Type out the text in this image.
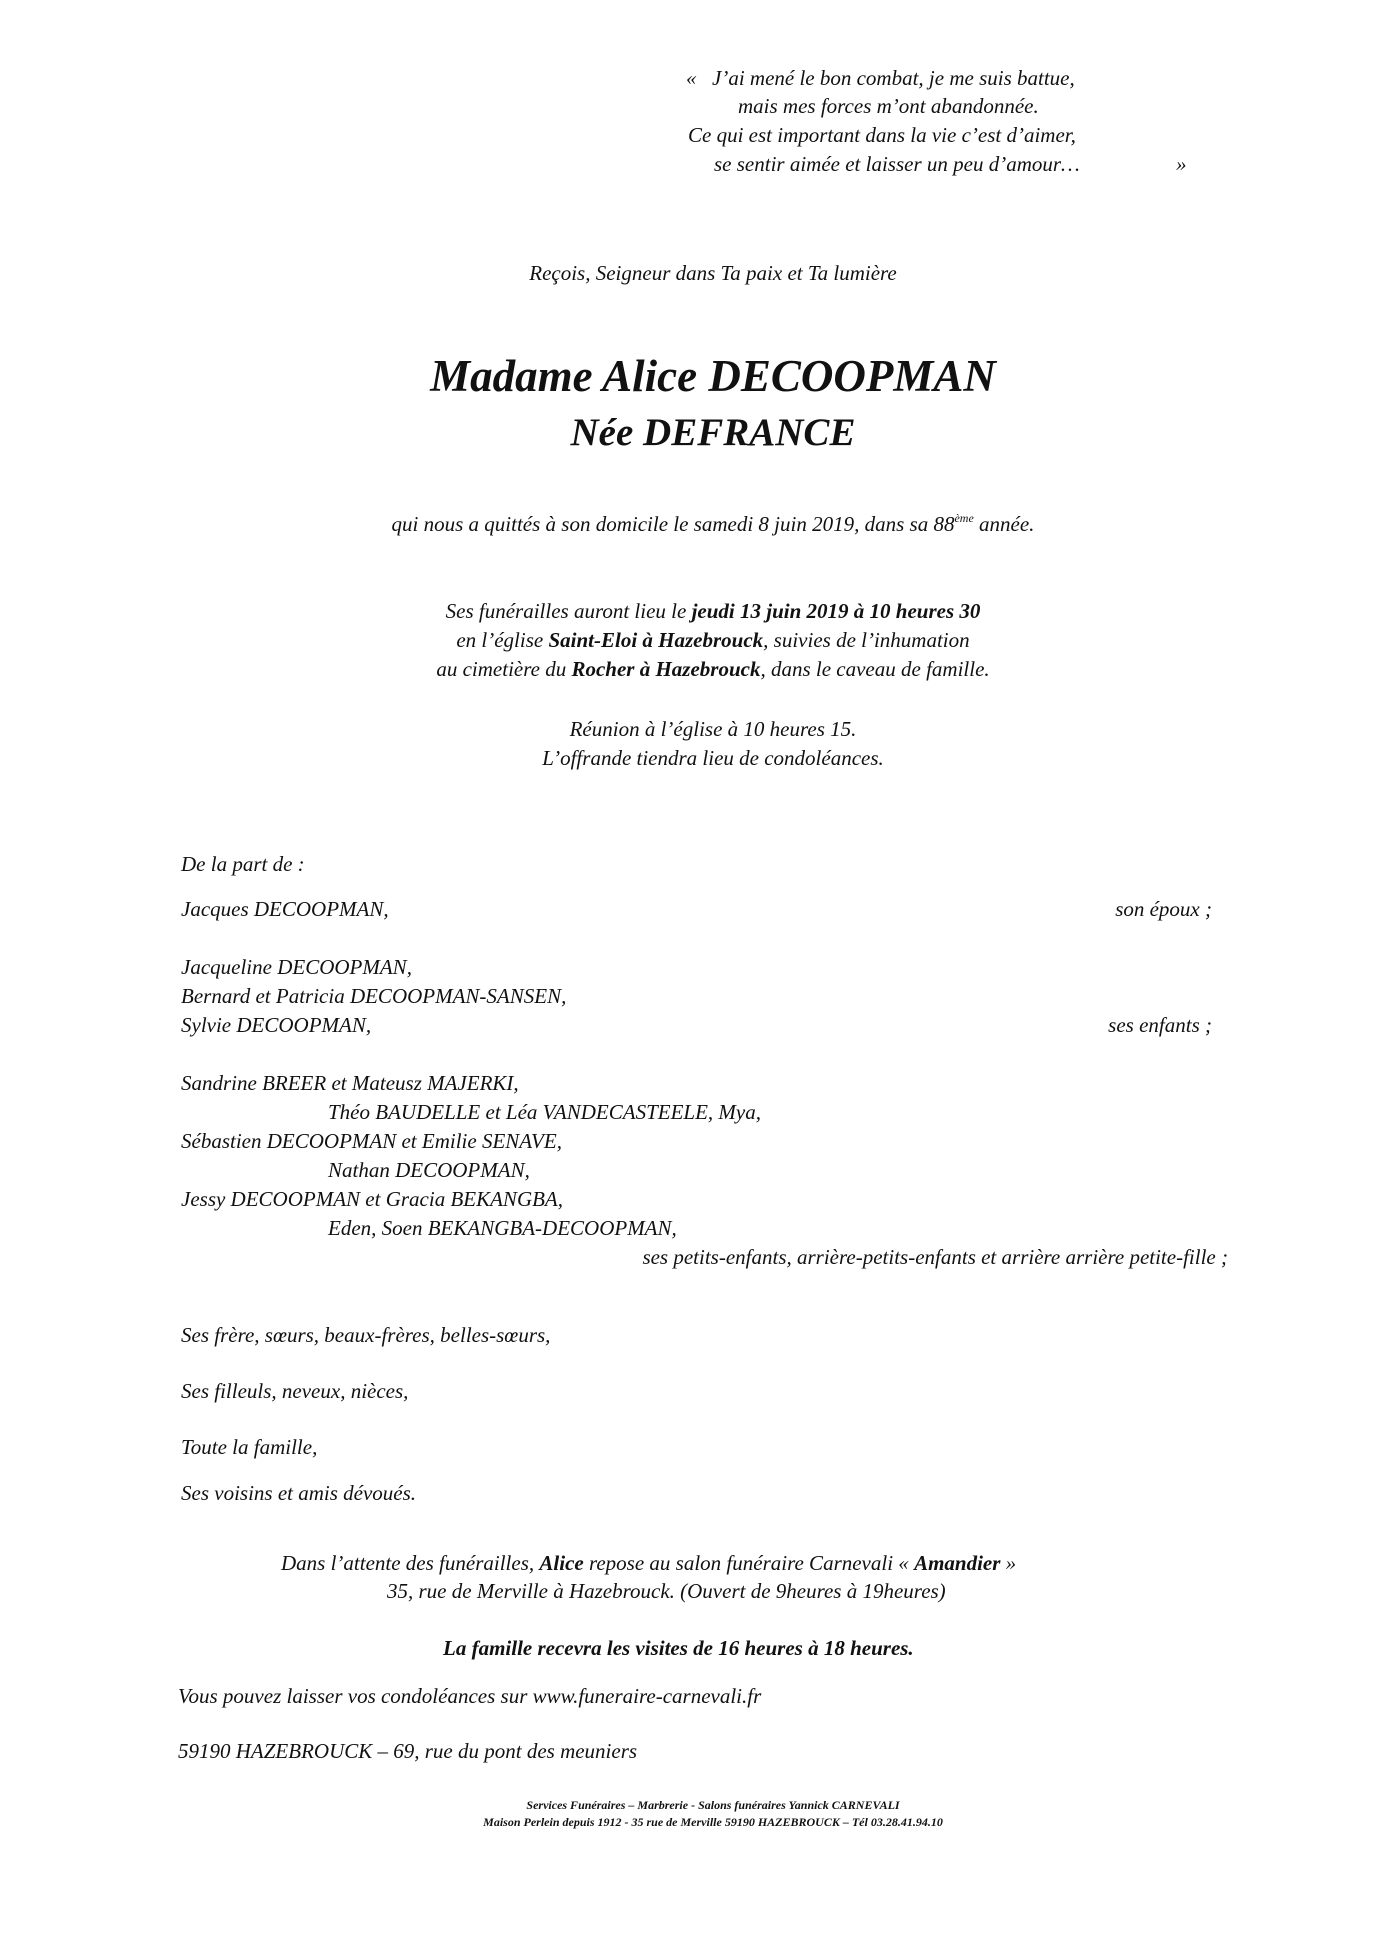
« J’ai mené le bon combat, je me suis battue,
mais mes forces m’ont abandonnée.
Ce qui est important dans la vie c’est d’aimer,
se sentir aimée et laisser un peu d’amour…	»
Reçois, Seigneur dans Ta paix et Ta lumière
Madame Alice DECOOPMAN
Née DEFRANCE
qui nous a quittés à son domicile le samedi 8 juin 2019, dans sa 88ème année.
Ses funérailles auront lieu le jeudi 13 juin 2019 à 10 heures 30
en l’église Saint-Eloi à Hazebrouck, suivies de l’inhumation
au cimetière du Rocher à Hazebrouck, dans le caveau de famille.
Réunion à l’église à 10 heures 15.
L’offrande tiendra lieu de condoléances.
De la part de :
Jacques DECOOPMAN,	son époux ;
Jacqueline DECOOPMAN,
Bernard et Patricia DECOOPMAN-SANSEN,
Sylvie DECOOPMAN,	ses enfants ;
Sandrine BREER et Mateusz MAJERKI,
Théo BAUDELLE et Léa VANDECASTEELE, Mya,
Sébastien DECOOPMAN et Emilie SENAVE,
Nathan DECOOPMAN,
Jessy DECOOPMAN et Gracia BEKANGBA,
Eden, Soen BEKANGBA-DECOOPMAN,
ses petits-enfants, arrière-petits-enfants et arrière arrière petite-fille ;
Ses frère, sœurs, beaux-frères, belles-sœurs,
Ses filleuls, neveux, nièces,
Toute la famille,
Ses voisins et amis dévoués.
Dans l’attente des funérailles, Alice repose au salon funéraire Carnevali « Amandier »
35, rue de Merville à Hazebrouck. (Ouvert de 9heures à 19heures)
La famille recevra les visites de 16 heures à 18 heures.
Vous pouvez laisser vos condoléances sur www.funeraire-carnevali.fr
59190 HAZEBROUCK – 69, rue du pont des meuniers
Services Funéraires – Marbrerie - Salons funéraires Yannick CARNEVALI
Maison Perlein depuis 1912 - 35 rue de Merville 59190 HAZEBROUCK – Tél 03.28.41.94.10
